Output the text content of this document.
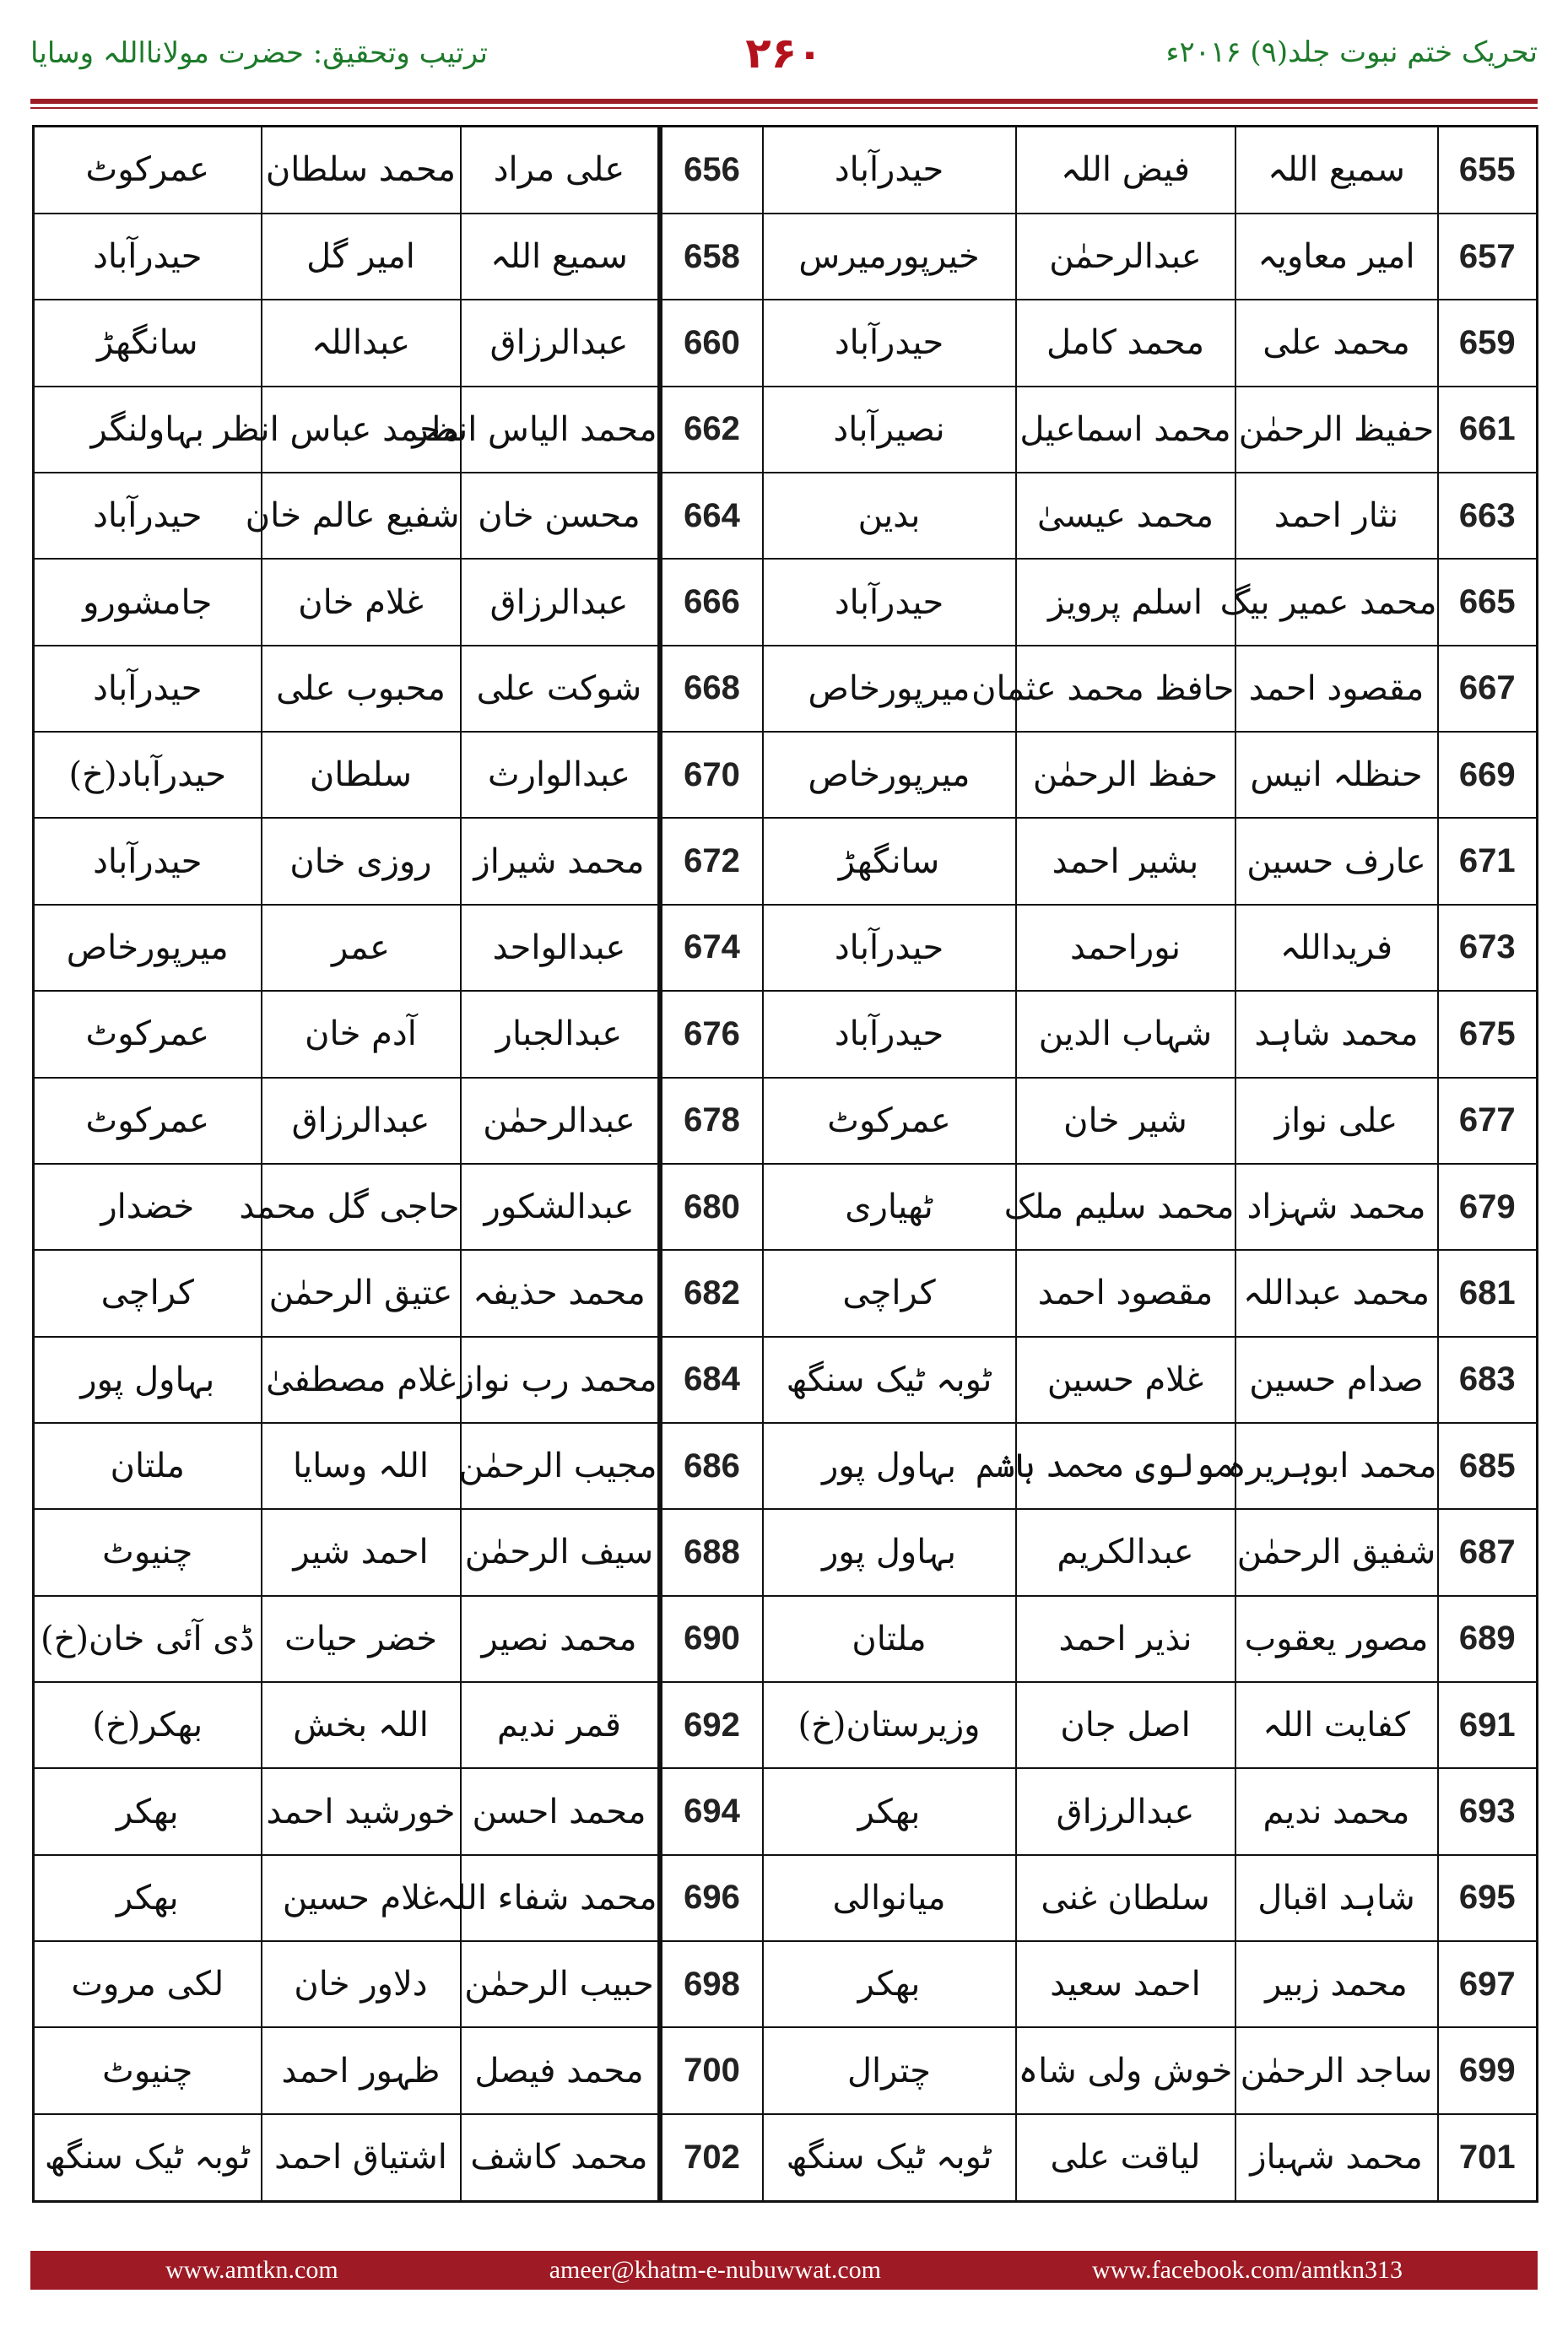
تحریک ختم نبوت جلد(۹) ۲۰۱۶ء
۲۶۰
ترتیب وتحقیق: حضرت مولانااللہ وسایا
655	سمیع اللہ	فیض اللہ	حیدرآباد	656	علی مراد	محمد سلطان	عمرکوٹ
657	امیر معاویہ	عبدالرحمٰن	خیرپورمیرس	658	سمیع اللہ	امیر گل	حیدرآباد
659	محمد علی	محمد کامل	حیدرآباد	660	عبدالرزاق	عبداللہ	سانگھڑ
661	حفیظ الرحمٰن	محمد اسماعیل	نصیرآباد	662	محمد الیاس انظر	محمد عباس انظر	بہاولنگر
663	نثار احمد	محمد عیسیٰ	بدین	664	محسن خان	شفیع عالم خان	حیدرآباد
665	محمد عمیر بیگ	اسلم پرویز	حیدرآباد	666	عبدالرزاق	غلام خان	جامشورو
667	مقصود احمد	حافظ محمد عثمان	میرپورخاص	668	شوکت علی	محبوب علی	حیدرآباد
669	حنظلہ انیس	حفظ الرحمٰن	میرپورخاص	670	عبدالوارث	سلطان	حیدرآباد(خ)
671	عارف حسین	بشیر احمد	سانگھڑ	672	محمد شیراز	روزی خان	حیدرآباد
673	فریداللہ	نوراحمد	حیدرآباد	674	عبدالواحد	عمر	میرپورخاص
675	محمد شاہد	شہاب الدین	حیدرآباد	676	عبدالجبار	آدم خان	عمرکوٹ
677	علی نواز	شیر خان	عمرکوٹ	678	عبدالرحمٰن	عبدالرزاق	عمرکوٹ
679	محمد شہزاد	محمد سلیم ملک	ٹھیاری	680	عبدالشکور	حاجی گل محمد	خضدار
681	محمد عبداللہ	مقصود احمد	کراچی	682	محمد حذیفہ	عتیق الرحمٰن	کراچی
683	صدام حسین	غلام حسین	ٹوبہ ٹیک سنگھ	684	محمد رب نواز	غلام مصطفیٰ	بہاول پور
685	محمد ابوہریرہ	مولوی محمد ہاشم	بہاول پور	686	مجیب الرحمٰن	اللہ وسایا	ملتان
687	شفیق الرحمٰن	عبدالکریم	بہاول پور	688	سیف الرحمٰن	احمد شیر	چنیوٹ
689	مصور یعقوب	نذیر احمد	ملتان	690	محمد نصیر	خضر حیات	ڈی آئی خان(خ)
691	کفایت اللہ	اصل جان	وزیرستان(خ)	692	قمر ندیم	اللہ بخش	بھکر(خ)
693	محمد ندیم	عبدالرزاق	بھکر	694	محمد احسن	خورشید احمد	بھکر
695	شاہد اقبال	سلطان غنی	میانوالی	696	محمد شفاء اللہ	غلام حسین	بھکر
697	محمد زبیر	احمد سعید	بھکر	698	حبیب الرحمٰن	دلاور خان	لکی مروت
699	ساجد الرحمٰن	خوش ولی شاہ	چترال	700	محمد فیصل	ظہور احمد	چنیوٹ
701	محمد شہباز	لیاقت علی	ٹوبہ ٹیک سنگھ	702	محمد کاشف	اشتیاق احمد	ٹوبہ ٹیک سنگھ
www.amtkn.com	ameer@khatm-e-nubuwwat.com	www.facebook.com/amtkn313
